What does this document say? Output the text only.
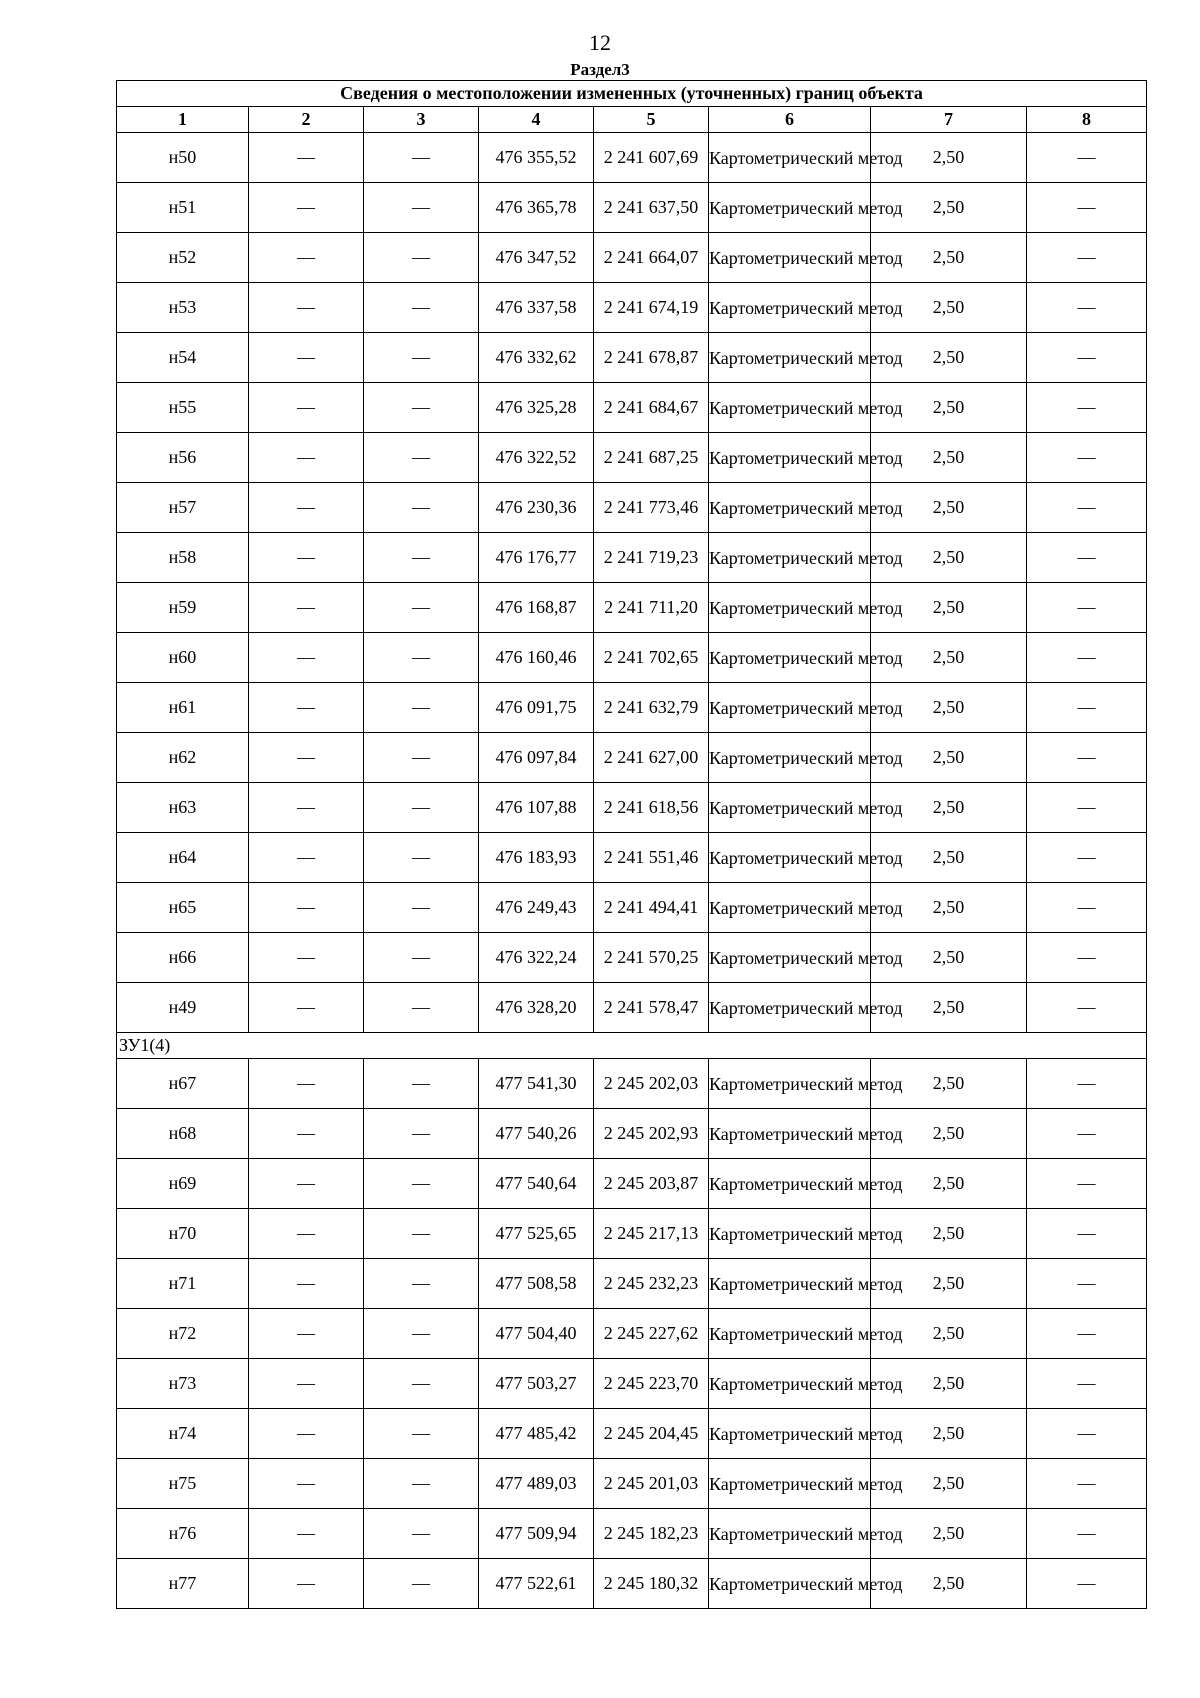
12
Раздел3
Сведения о местоположении измененных (уточненных) границ объекта							
1	2	3	4	5	6	7	8
н50	—	—	476 355,52	2 241 607,69	Картометрический метод	2,50	—
н51	—	—	476 365,78	2 241 637,50	Картометрический метод	2,50	—
н52	—	—	476 347,52	2 241 664,07	Картометрический метод	2,50	—
н53	—	—	476 337,58	2 241 674,19	Картометрический метод	2,50	—
н54	—	—	476 332,62	2 241 678,87	Картометрический метод	2,50	—
н55	—	—	476 325,28	2 241 684,67	Картометрический метод	2,50	—
н56	—	—	476 322,52	2 241 687,25	Картометрический метод	2,50	—
н57	—	—	476 230,36	2 241 773,46	Картометрический метод	2,50	—
н58	—	—	476 176,77	2 241 719,23	Картометрический метод	2,50	—
н59	—	—	476 168,87	2 241 711,20	Картометрический метод	2,50	—
н60	—	—	476 160,46	2 241 702,65	Картометрический метод	2,50	—
н61	—	—	476 091,75	2 241 632,79	Картометрический метод	2,50	—
н62	—	—	476 097,84	2 241 627,00	Картометрический метод	2,50	—
н63	—	—	476 107,88	2 241 618,56	Картометрический метод	2,50	—
н64	—	—	476 183,93	2 241 551,46	Картометрический метод	2,50	—
н65	—	—	476 249,43	2 241 494,41	Картометрический метод	2,50	—
н66	—	—	476 322,24	2 241 570,25	Картометрический метод	2,50	—
н49	—	—	476 328,20	2 241 578,47	Картометрический метод	2,50	—
ЗУ1(4)							
н67	—	—	477 541,30	2 245 202,03	Картометрический метод	2,50	—
н68	—	—	477 540,26	2 245 202,93	Картометрический метод	2,50	—
н69	—	—	477 540,64	2 245 203,87	Картометрический метод	2,50	—
н70	—	—	477 525,65	2 245 217,13	Картометрический метод	2,50	—
н71	—	—	477 508,58	2 245 232,23	Картометрический метод	2,50	—
н72	—	—	477 504,40	2 245 227,62	Картометрический метод	2,50	—
н73	—	—	477 503,27	2 245 223,70	Картометрический метод	2,50	—
н74	—	—	477 485,42	2 245 204,45	Картометрический метод	2,50	—
н75	—	—	477 489,03	2 245 201,03	Картометрический метод	2,50	—
н76	—	—	477 509,94	2 245 182,23	Картометрический метод	2,50	—
н77	—	—	477 522,61	2 245 180,32	Картометрический метод	2,50	—
